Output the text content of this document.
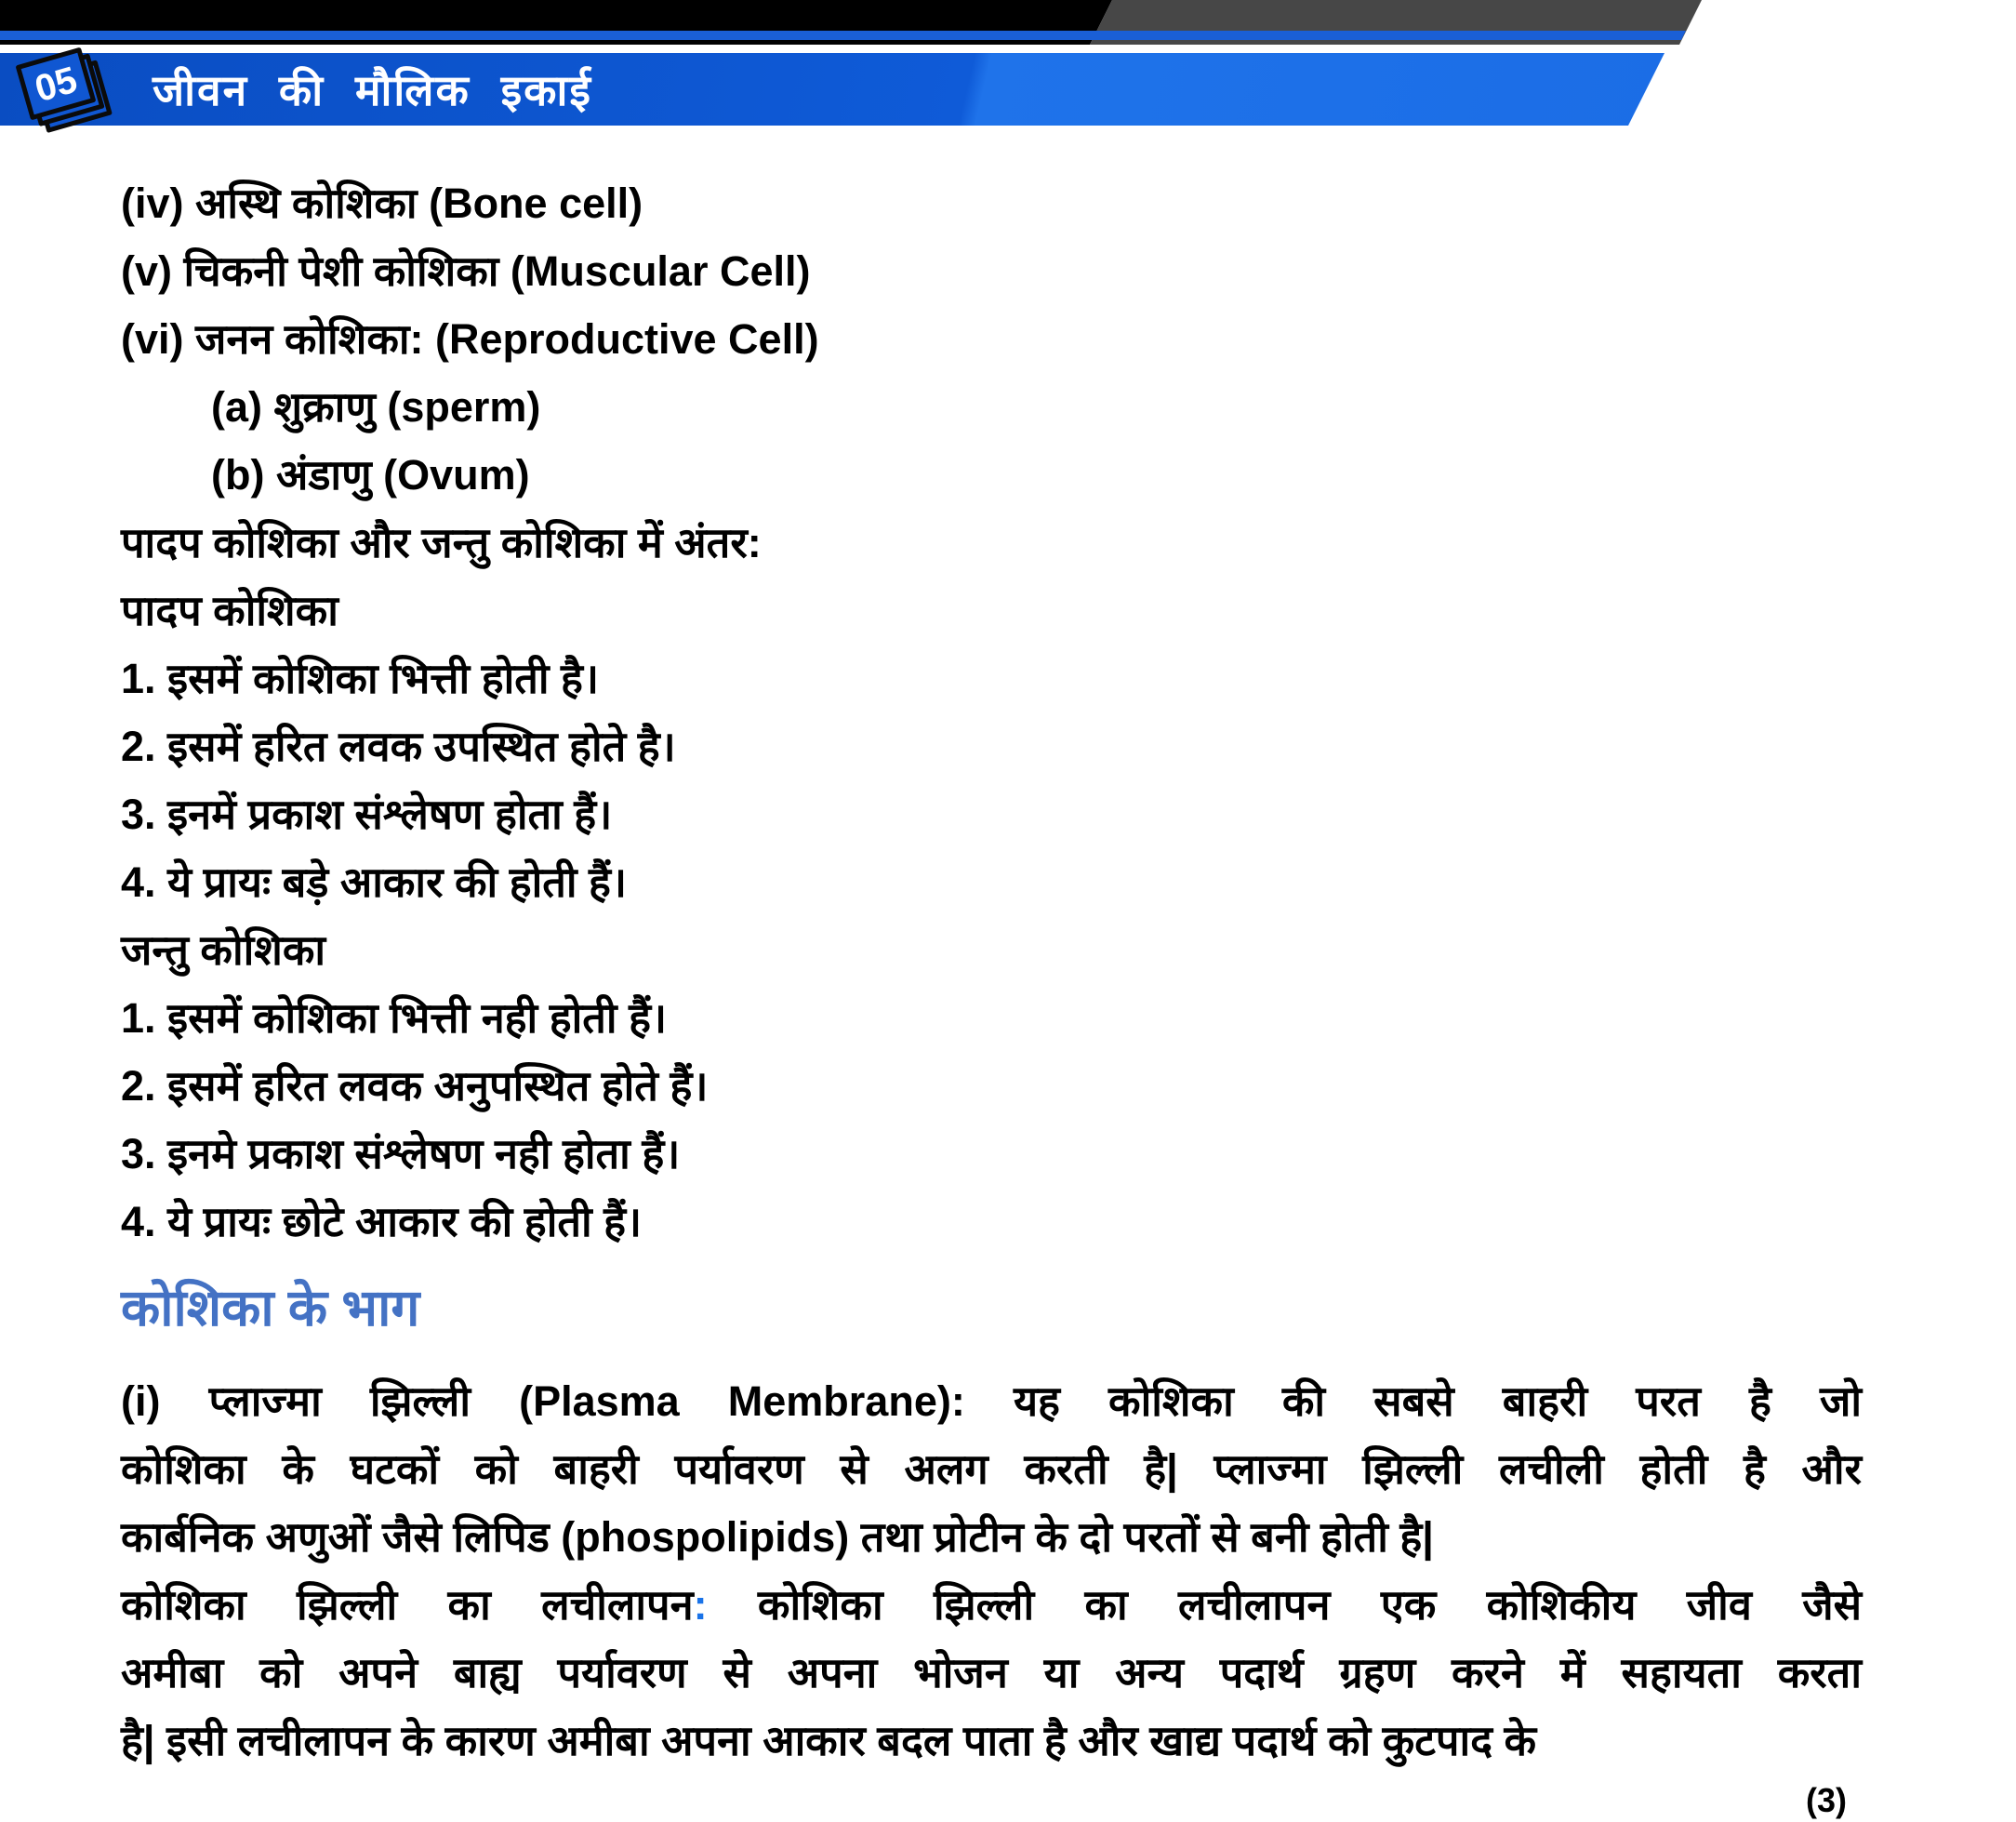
05 जीवन की मौलिक इकाई
(iv) अस्थि कोशिका (Bone cell)
(v) चिकनी पेशी कोशिका (Muscular Cell)
(vi) जनन कोशिका: (Reproductive Cell)
(a) शुक्राणु (sperm)
(b) अंडाणु (Ovum)
पादप कोशिका और जन्तु कोशिका में अंतर:
पादप कोशिका
1. इसमें कोशिका भित्ती होती है।
2. इसमें हरित लवक उपस्थित होते है।
3. इनमें प्रकाश संश्लेषण होता हैं।
4. ये प्रायः बड़े आकार की होती हैं।
जन्तु कोशिका
1. इसमें कोशिका भित्ती नही होती हैं।
2. इसमें हरित लवक अनुपस्थित होते हैं।
3. इनमे प्रकाश संश्लेषण नही होता हैं।
4. ये प्रायः छोटे आकार की होती हैं।
कोशिका के भाग
(i) प्लाज्मा झिल्ली (Plasma Membrane): यह कोशिका की सबसे बाहरी परत है जो
कोशिका के घटकों को बाहरी पर्यावरण से अलग करती है| प्लाज्मा झिल्ली लचीली होती है और
कार्बनिक अणुओं जैसे लिपिड (phospolipids) तथा प्रोटीन के दो परतों से बनी होती है|
कोशिका झिल्ली का लचीलापन: कोशिका झिल्ली का लचीलापन एक कोशिकीय जीव जैसे
अमीबा को अपने बाह्य पर्यावरण से अपना भोजन या अन्य पदार्थ ग्रहण करने में सहायता करता
है| इसी लचीलापन के कारण अमीबा अपना आकार बदल पाता है और खाद्य पदार्थ को कुटपाद के
(3)
